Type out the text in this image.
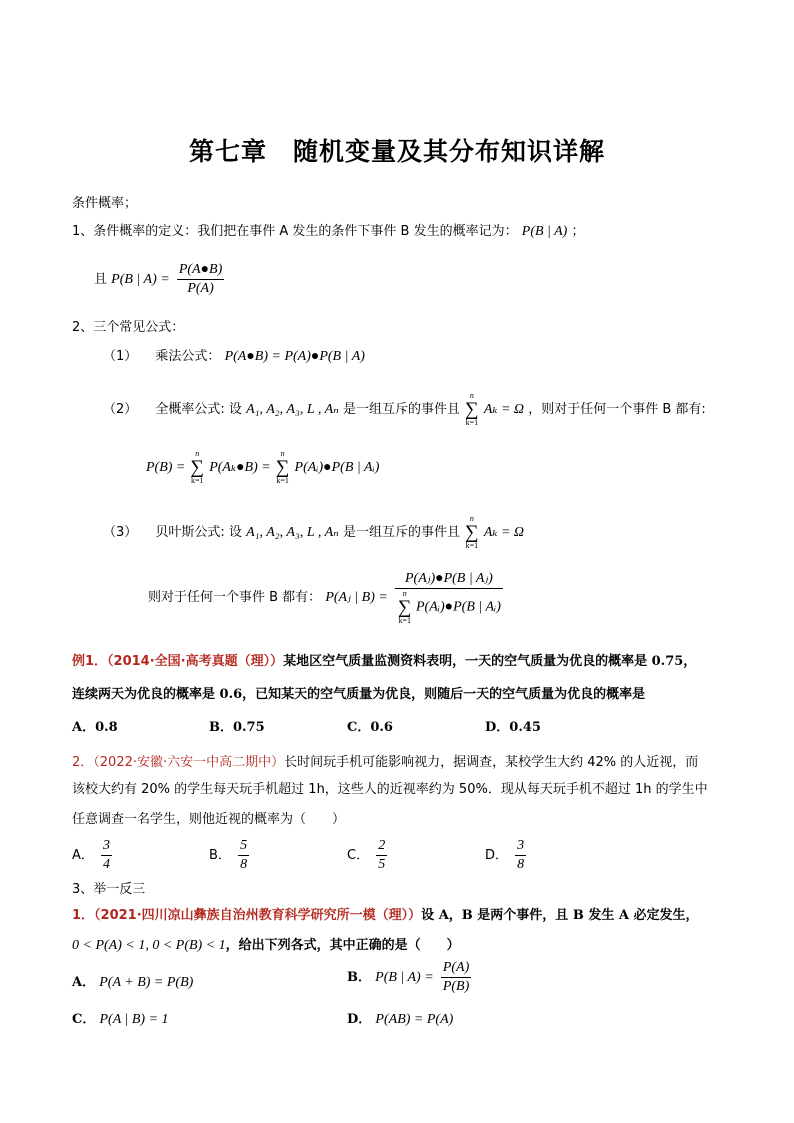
第七章　随机变量及其分布知识详解
条件概率；
1、条件概率的定义：我们把在事件 A 发生的条件下事件 B 发生的概率记为： P(B | A) ；
且 P(B | $A) = \frac{P(A●B)}{P(A)}$
2、三个常见公式：
（1） 乘法公式： P(A●B) = P(A)●P(B | A)
（2） 全概率公式: 设 A₁, A₂, A₃, L , Aₙ 是一组互斥的事件且
n
∑
k=1
Aₖ = Ω ，则对于任何一个事件 B 都有:
P(B) =
n
∑
k=1
P(Aₖ●B) =
n
∑
k=1
P(Aᵢ)●P(B | Aᵢ)
（3） 贝叶斯公式: 设 A₁, A₂, A₃, L , Aₙ 是一组互斥的事件且
n
∑
k=1
Aₖ = Ω
则对于任何一个事件 B 都有： P(Aⱼ | B) = P(Aⱼ)●P(B | Aⱼ)
n
∑
k=1
P(Aᵢ)●P(B | Aᵢ)
例1．（2014·全国·高考真题（理））某地区空气质量监测资料表明，一天的空气质量为优良的概率是 0.75，
连续两天为优良的概率是 0.6，已知某天的空气质量为优良，则随后一天的空气质量为优良的概率是
A．0.8	B．0.75	C．0.6	D．0.45
2．（2022·安徽·六安一中高二期中）长时间玩手机可能影响视力，据调查，某校学生大约 42% 的人近视，而
该校大约有 20% 的学生每天玩手机超过 1h，这些人的近视率约为 50%．现从每天玩手机不超过 1h 的学生中
任意调查一名学生，则他近视的概率为（　　）
A． $\frac{3}{4}$	B． $\frac{5}{8}$	C． $\frac{2}{5}$	D． $\frac{3}{8}$
3、举一反三
1．（2021·四川凉山彝族自治州教育科学研究所一模（理））设 A，B 是两个事件，且 B 发生 A 必定发生，
0 < P(A) < 1, 0 < P(B) < 1，给出下列各式，其中正确的是（　　）
A． P(A + B) = P(B)	B． P(B | $A) = \frac{P(A)}{P(B)}$
C． P(A | B) = 1	D． P(AB) = P(A)
